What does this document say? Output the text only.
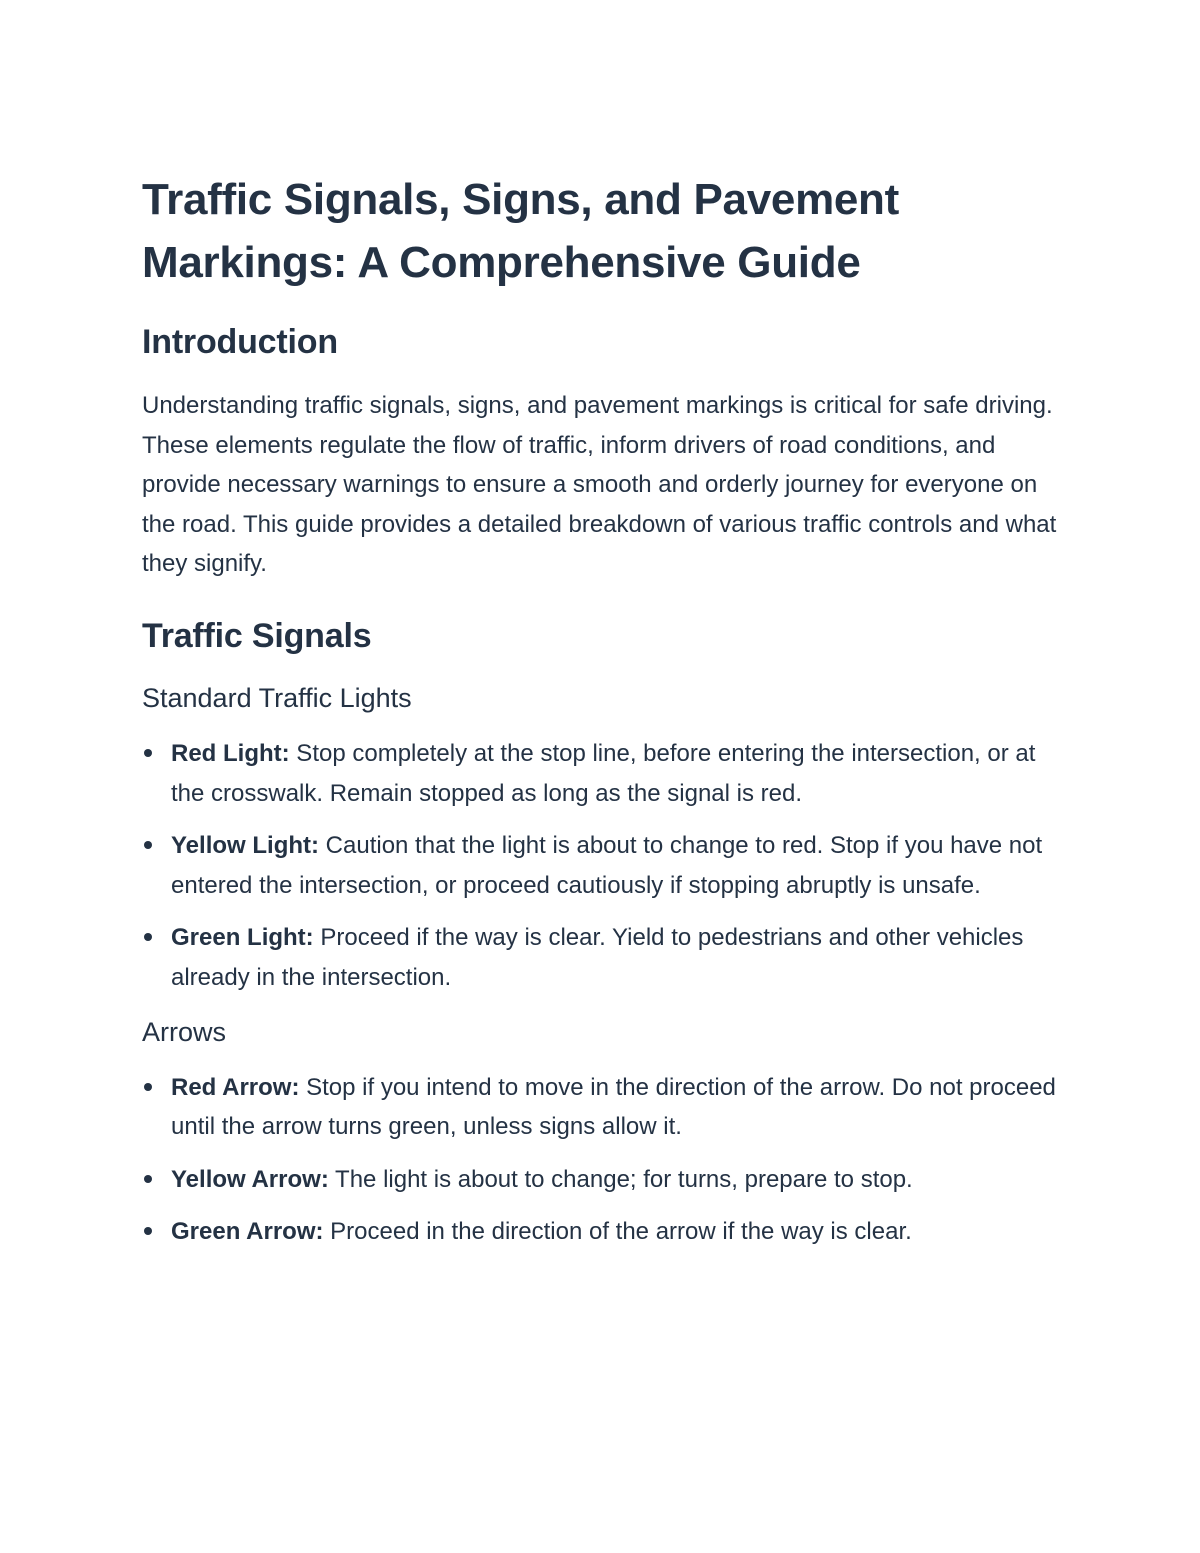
Traffic Signals, Signs, and Pavement Markings: A Comprehensive Guide
Introduction

Understanding traffic signals, signs, and pavement markings is critical for safe driving. These elements regulate the flow of traffic, inform drivers of road conditions, and provide necessary warnings to ensure a smooth and orderly journey for everyone on the road. This guide provides a detailed breakdown of various traffic controls and what they signify.

Traffic Signals
Standard Traffic Lights
Red Light: Stop completely at the stop line, before entering the intersection, or at the crosswalk. Remain stopped as long as the signal is red.
Yellow Light: Caution that the light is about to change to red. Stop if you have not entered the intersection, or proceed cautiously if stopping abruptly is unsafe.
Green Light: Proceed if the way is clear. Yield to pedestrians and other vehicles already in the intersection.
Arrows
Red Arrow: Stop if you intend to move in the direction of the arrow. Do not proceed until the arrow turns green, unless signs allow it.
Yellow Arrow: The light is about to change; for turns, prepare to stop.
Green Arrow: Proceed in the direction of the arrow if the way is clear.
